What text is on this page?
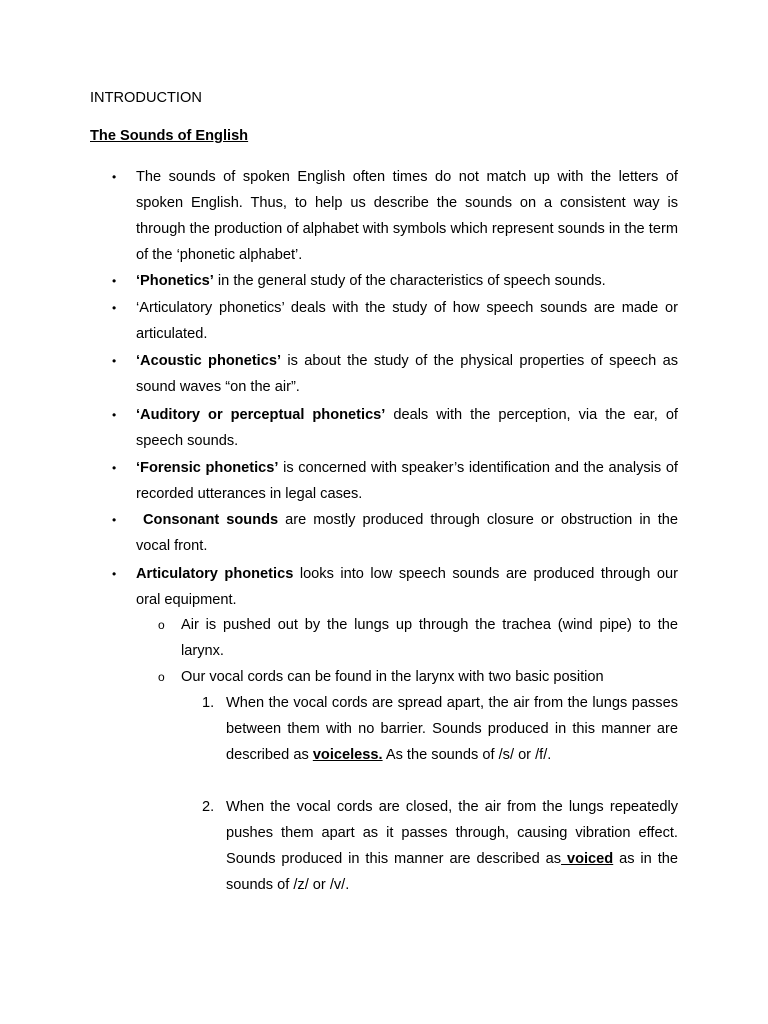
INTRODUCTION
The Sounds of English
• The sounds of spoken English often times do not match up with the letters of spoken English. Thus, to help us describe the sounds on a consistent way is through the production of alphabet with symbols which represent sounds in the term of the ‘phonetic alphabet’.
• ‘Phonetics’ in the general study of the characteristics of speech sounds.
• ‘Articulatory phonetics’ deals with the study of how speech sounds are made or articulated.
• ‘Acoustic phonetics’ is about the study of the physical properties of speech as sound waves “on the air”.
• ‘Auditory or perceptual phonetics’ deals with the perception, via the ear, of speech sounds.
• ‘Forensic phonetics’ is concerned with speaker’s identification and the analysis of recorded utterances in legal cases.
• Consonant sounds are mostly produced through closure or obstruction in the vocal front.
• Articulatory phonetics looks into low speech sounds are produced through our oral equipment.
o Air is pushed out by the lungs up through the trachea (wind pipe) to the larynx.
o Our vocal cords can be found in the larynx with two basic position
1. When the vocal cords are spread apart, the air from the lungs passes between them with no barrier. Sounds produced in this manner are described as voiceless. As the sounds of /s/ or /f/.
2. When the vocal cords are closed, the air from the lungs repeatedly pushes them apart as it passes through, causing vibration effect. Sounds produced in this manner are described as voiced as in the sounds of /z/ or /v/.
